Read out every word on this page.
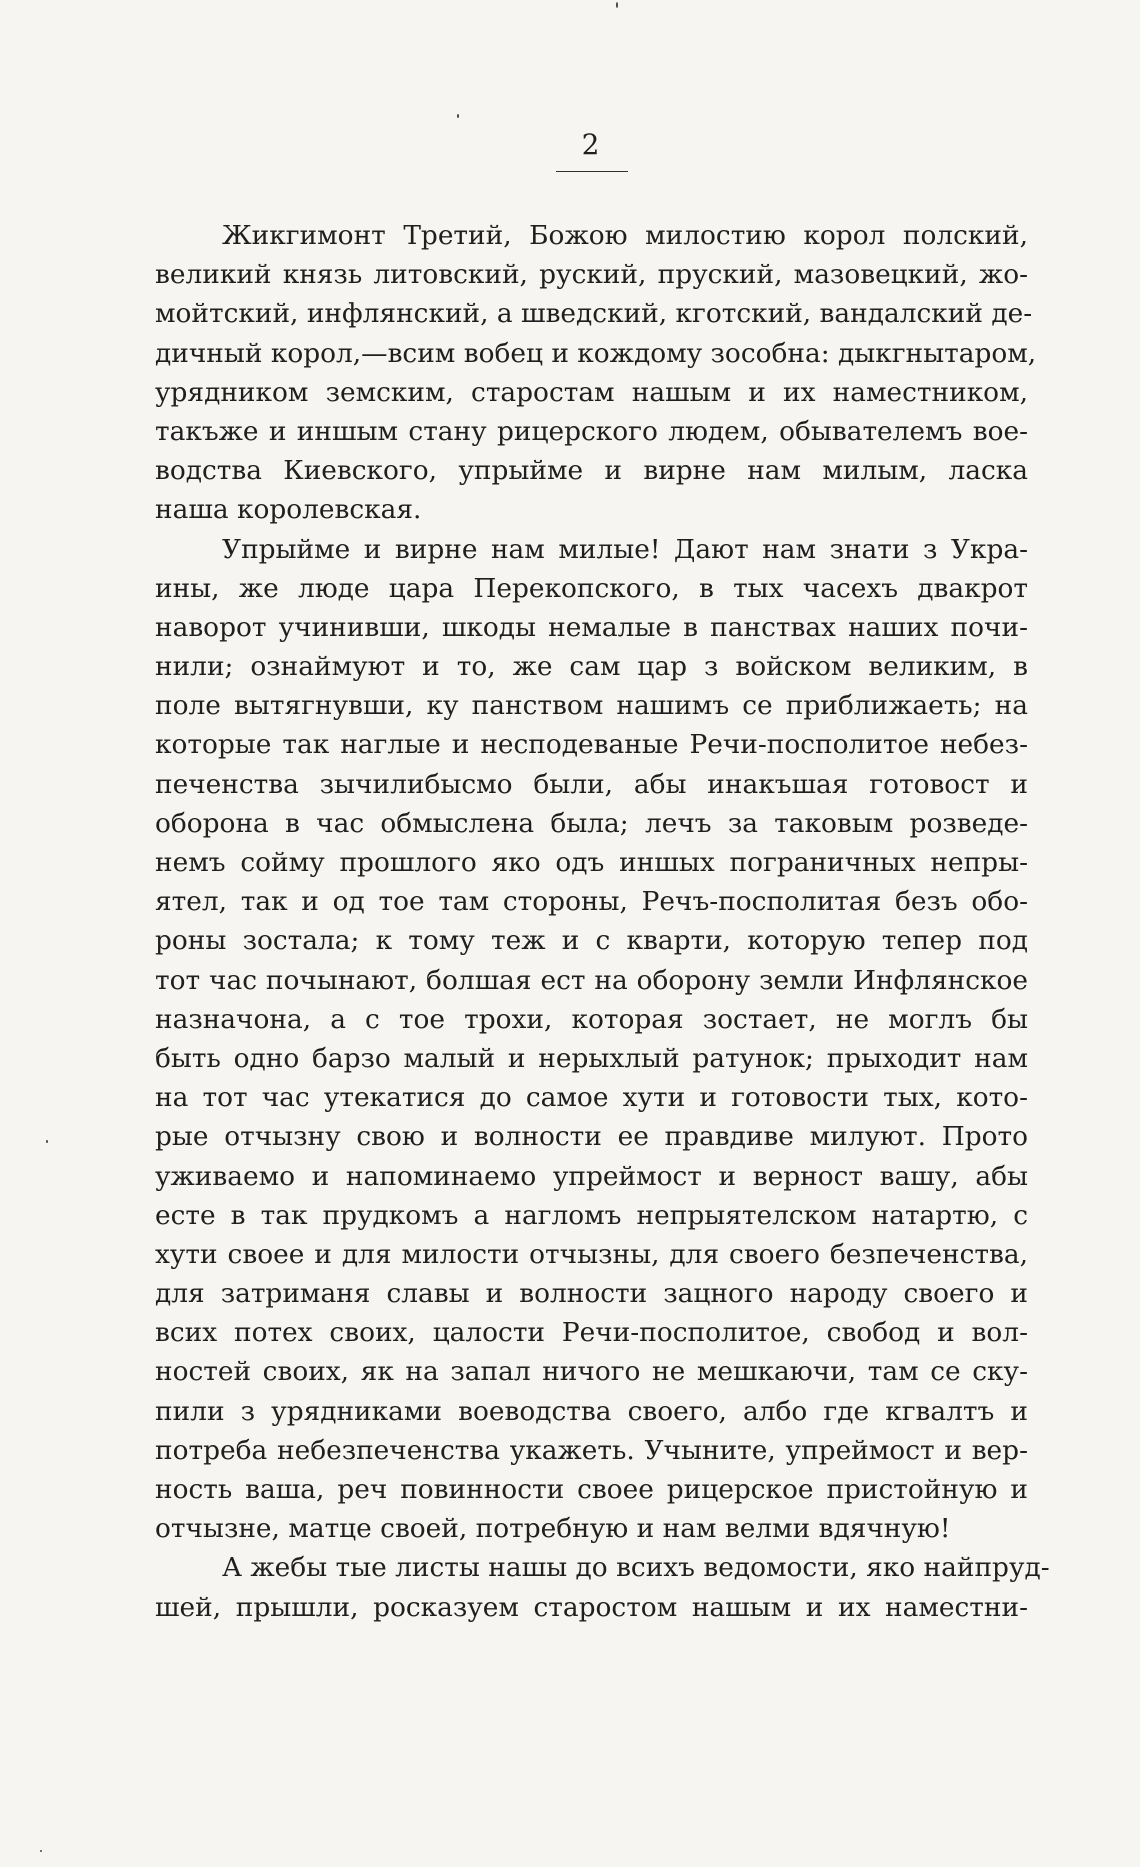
2
Жикгимонт Третий, Божою милостию корол полский,
великий князь литовский, руский, пруский, мазовецкий, жо-
мойтский, инфлянский, а шведский, кготский, вандалский де-
дичный корол,—всим вобец и кождому зособна: дыкгнытаром,
урядником земским, старостам нашым и их наместником,
такъже и иншым стану рицерского людем, обывателемъ вое-
водства Киевского, упрыйме и вирне нам милым, ласка
наша королевская.
Упрыйме и вирне нам милые! Дают нам знати з Укра-
ины, же люде цара Перекопского, в тых часехъ двакрот
наворот учинивши, шкоды немалые в панствах наших почи-
нили; ознаймуют и то, же сам цар з войском великим, в
поле вытягнувши, ку панством нашимъ се приближаеть; на
которые так наглые и несподеваные Речи-посполитое небез-
печенства зычилибысмо были, абы инакъшая готовост и
оборона в час обмыслена была; лечъ за таковым розведе-
немъ сойму прошлого яко одъ иншых пограничных непры-
ятел, так и од тое там стороны, Речъ-посполитая безъ обо-
роны зостала; к тому теж и с кварти, которую тепер под
тот час почынают, болшая ест на оборону земли Инфлянское
назначона, а с тое трохи, которая зостает, не моглъ бы
быть одно барзо малый и нерыхлый ратунок; прыходит нам
на тот час утекатися до самое хути и готовости тых, кото-
рые отчызну свою и волности ее правдиве милуют. Прото
уживаемо и напоминаемо упреймост и верност вашу, абы
есте в так прудкомъ а нагломъ непрыятелском натартю, с
хути своее и для милости отчызны, для своего безпеченства,
для затриманя славы и волности зацного народу своего и
всих потех своих, цалости Речи-посполитое, свобод и вол-
ностей своих, як на запал ничого не мешкаючи, там се ску-
пили з урядниками воеводства своего, албо где кгвалтъ и
потреба небезпеченства укажеть. Учыните, упреймост и вер-
ность ваша, реч повинности своее рицерское пристойную и
отчызне, матце своей, потребную и нам велми вдячную!
А жебы тые листы нашы до всихъ ведомости, яко найпруд-
шей, прышли, росказуем старостом нашым и их наместни-
